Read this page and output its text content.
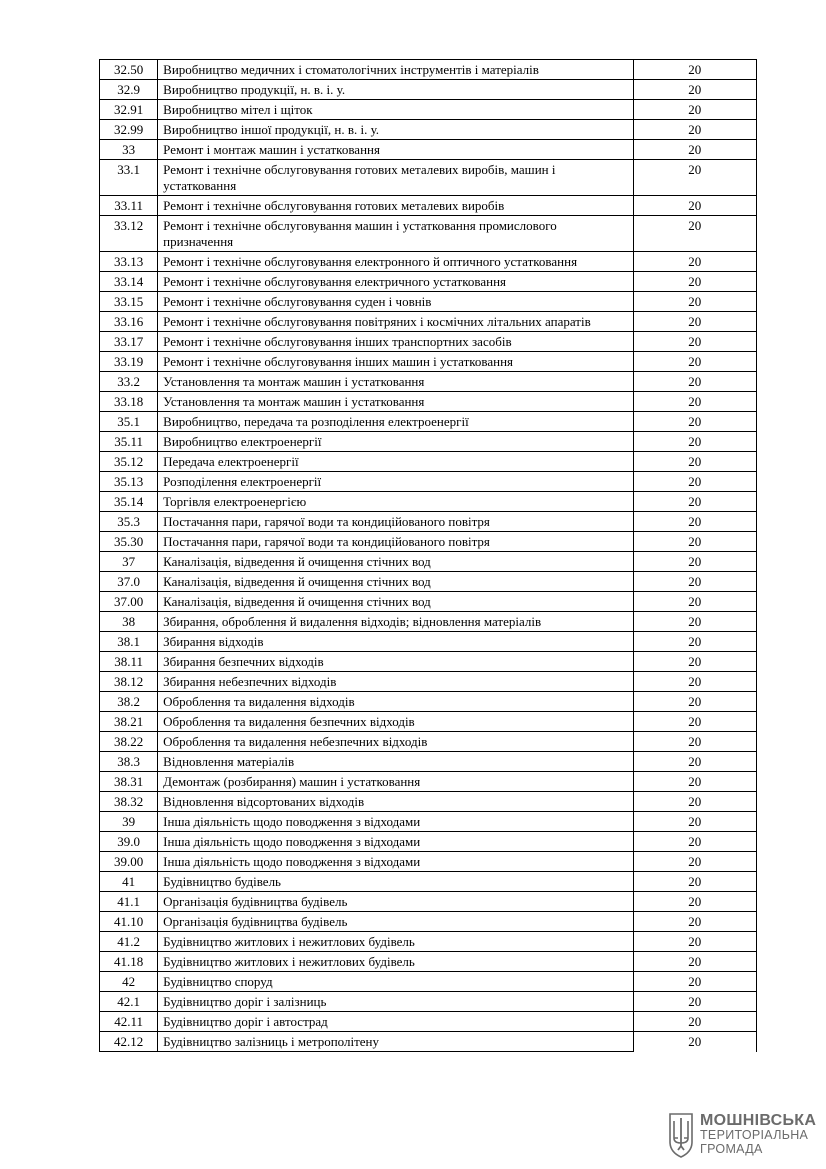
32.50	Виробництво медичних і стоматологічних інструментів і матеріалів	20
32.9	Виробництво продукції, н. в. і. у.	20
32.91	Виробництво мітел і щіток	20
32.99	Виробництво іншої продукції, н. в. і. у.	20
33	Ремонт і монтаж машин і устатковання	20
33.1	Ремонт і технічне обслуговування готових металевих виробів, машин і устатковання	20
33.11	Ремонт і технічне обслуговування готових металевих виробів	20
33.12	Ремонт і технічне обслуговування машин і устатковання промислового призначення	20
33.13	Ремонт і технічне обслуговування електронного й оптичного устатковання	20
33.14	Ремонт і технічне обслуговування електричного устатковання	20
33.15	Ремонт і технічне обслуговування суден і човнів	20
33.16	Ремонт і технічне обслуговування повітряних і космічних літальних апаратів	20
33.17	Ремонт і технічне обслуговування інших транспортних засобів	20
33.19	Ремонт і технічне обслуговування інших машин і устатковання	20
33.2	Установлення та монтаж машин і устатковання	20
33.18	Установлення та монтаж машин і устатковання	20
35.1	Виробництво, передача та розподілення електроенергії	20
35.11	Виробництво електроенергії	20
35.12	Передача електроенергії	20
35.13	Розподілення електроенергії	20
35.14	Торгівля електроенергією	20
35.3	Постачання пари, гарячої води та кондиційованого повітря	20
35.30	Постачання пари, гарячої води та кондиційованого повітря	20
37	Каналізація, відведення й очищення стічних вод	20
37.0	Каналізація, відведення й очищення стічних вод	20
37.00	Каналізація, відведення й очищення стічних вод	20
38	Збирання, оброблення й видалення відходів; відновлення матеріалів	20
38.1	Збирання відходів	20
38.11	Збирання безпечних відходів	20
38.12	Збирання небезпечних відходів	20
38.2	Оброблення та видалення відходів	20
38.21	Оброблення та видалення безпечних відходів	20
38.22	Оброблення та видалення небезпечних відходів	20
38.3	Відновлення матеріалів	20
38.31	Демонтаж (розбирання) машин і устатковання	20
38.32	Відновлення відсортованих відходів	20
39	Інша діяльність щодо поводження з відходами	20
39.0	Інша діяльність щодо поводження з відходами	20
39.00	Інша діяльність щодо поводження з відходами	20
41	Будівництво будівель	20
41.1	Організація будівництва будівель	20
41.10	Організація будівництва будівель	20
41.2	Будівництво житлових і нежитлових будівель	20
41.18	Будівництво житлових і нежитлових будівель	20
42	Будівництво споруд	20
42.1	Будівництво доріг і залізниць	20
42.11	Будівництво доріг і автострад	20
42.12	Будівництво залізниць і метрополітену	20
МОШНІВСЬКА
ТЕРИТОРІАЛЬНА
ГРОМАДА
